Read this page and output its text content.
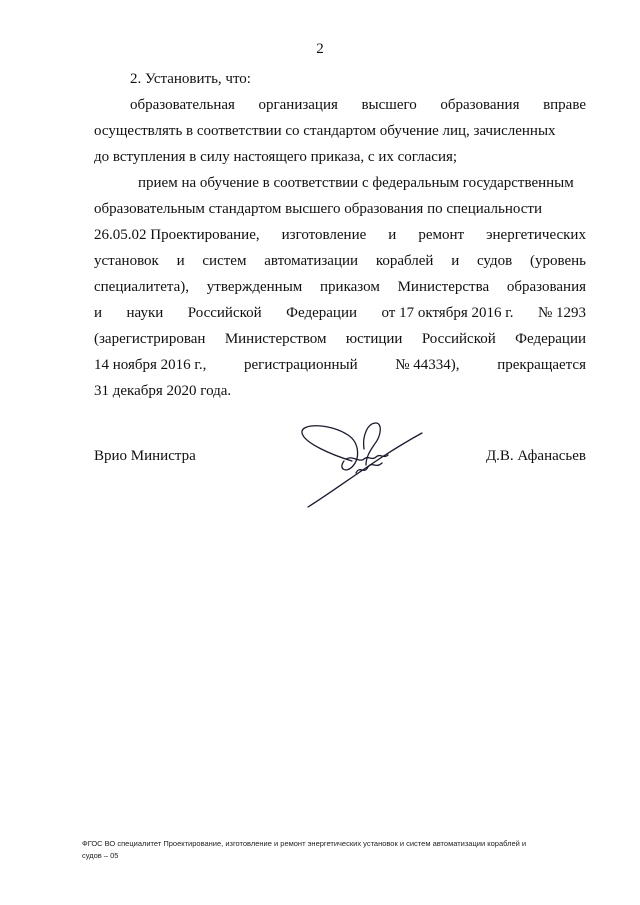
2
2. Установить, что:
образовательная организация высшего образования вправе
осуществлять в соответствии со стандартом обучение лиц, зачисленных
до вступления в силу настоящего приказа, с их согласия;
прием на обучение в соответствии с федеральным государственным
образовательным стандартом высшего образования по специальности
26.05.02 Проектирование, изготовление и ремонт энергетических
установок и систем автоматизации кораблей и судов (уровень
специалитета), утвержденным приказом Министерства образования
и науки Российской Федерации от 17 октября 2016 г. № 1293
(зарегистрирован Министерством юстиции Российской Федерации
14 ноября 2016 г.,	регистрационный	№ 44334),	прекращается
31 декабря 2020 года.
Врио Министра	Д.В. Афанасьев
ФГОС ВО специалитет Проектирование, изготовление и ремонт энергетических установок и систем автоматизации кораблей и
судов – 05
